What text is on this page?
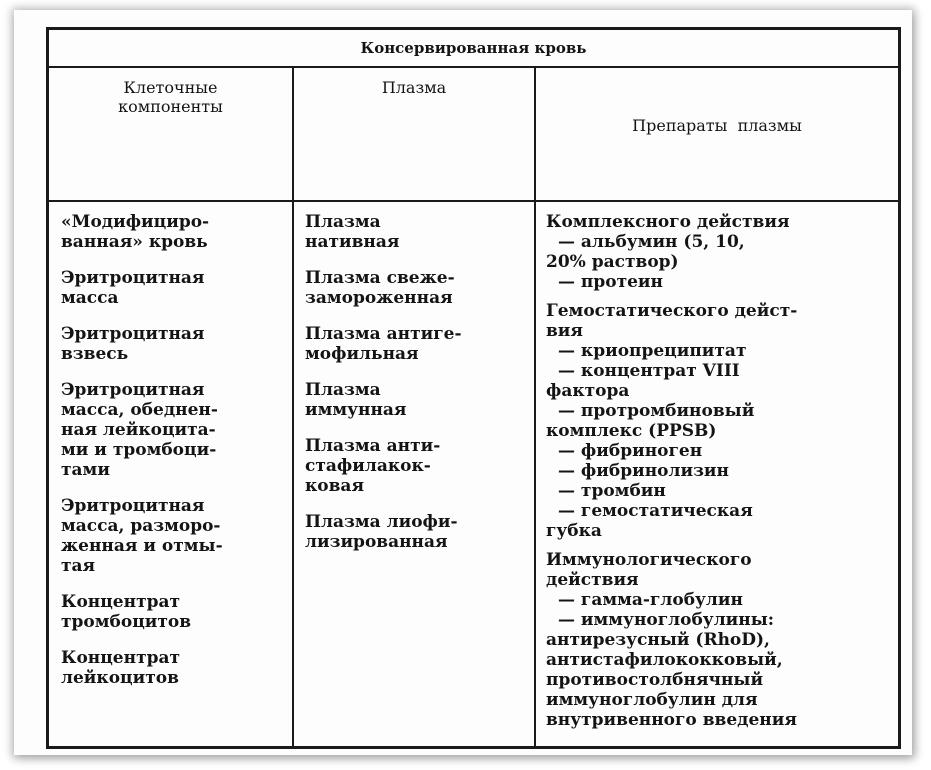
Консервированная кровь
Клеточные
компоненты
Плазма

Препараты  плазмы

«Модифициро-
ванная» кровь
Эритроцитная
масса
Эритроцитная
взвесь
Эритроцитная
масса, обеднен-
ная лейкоцита-
ми и тромбоци-
тами
Эритроцитная
масса, разморо-
женная и отмы-
тая
Концентрат
тромбоцитов
Концентрат
лейкоцитов
Плазма
нативная
Плазма свеже-
замороженная
Плазма антиге-
мофильная
Плазма
иммунная
Плазма анти-
стафилакок-
ковая
Плазма лиофи-
лизированная
Комплексного действия
— альбумин (5, 10,
20% раствор)
— протеин
Гемостатического дейст-
вия
— криопреципитат
— концентрат VIII
фактора
— протромбиновый
комплекс (PPSB)
— фибриноген
— фибринолизин
— тромбин
— гемостатическая
губка
Иммунологического
действия
— гамма-глобулин
— иммуноглобулины:
антирезусный (RhoD),
антистафилококковый,
противостолбнячный
иммуноглобулин для
внутривенного введения
